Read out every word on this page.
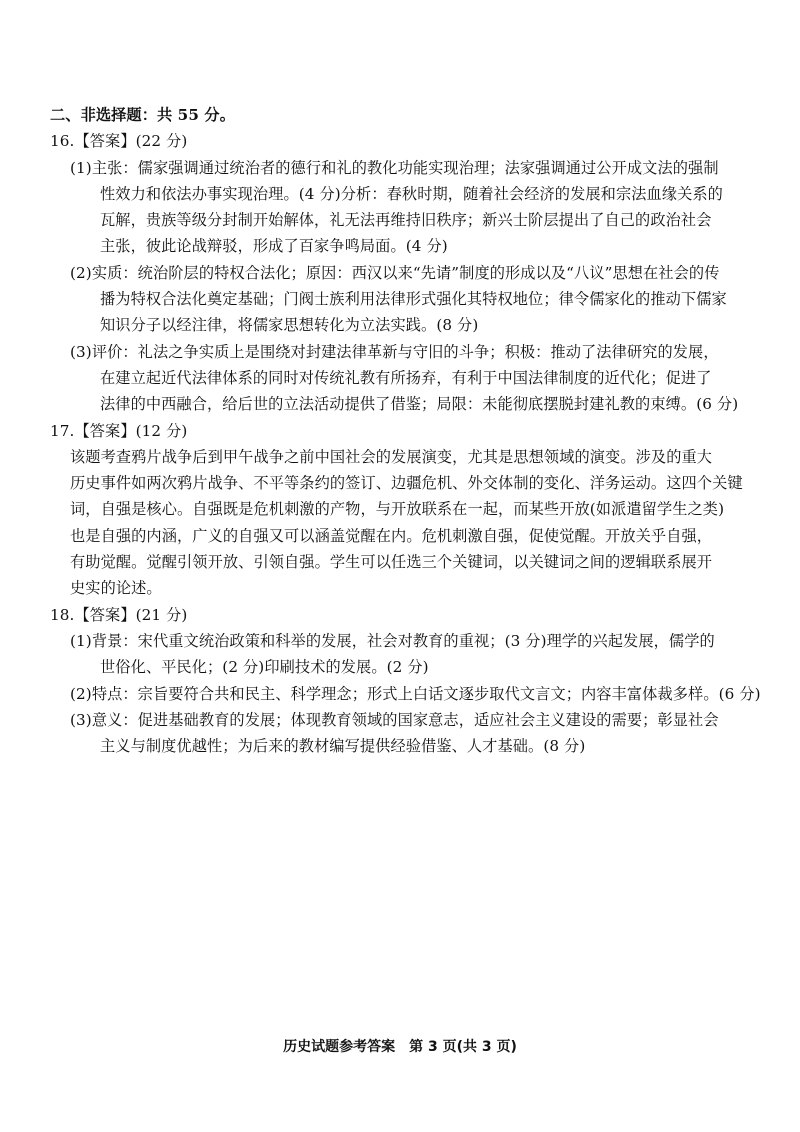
二、非选择题：共 55 分。
16.【答案】(22 分)
(1)主张：儒家强调通过统治者的德行和礼的教化功能实现治理；法家强调通过公开成文法的强制
性效力和依法办事实现治理。(4 分)分析：春秋时期，随着社会经济的发展和宗法血缘关系的
瓦解，贵族等级分封制开始解体，礼无法再维持旧秩序；新兴士阶层提出了自己的政治社会
主张，彼此论战辩驳，形成了百家争鸣局面。(4 分)
(2)实质：统治阶层的特权合法化；原因：西汉以来“先请”制度的形成以及“八议”思想在社会的传
播为特权合法化奠定基础；门阀士族利用法律形式强化其特权地位；律令儒家化的推动下儒家
知识分子以经注律，将儒家思想转化为立法实践。(8 分)
(3)评价：礼法之争实质上是围绕对封建法律革新与守旧的斗争；积极：推动了法律研究的发展，
在建立起近代法律体系的同时对传统礼教有所扬弃，有利于中国法律制度的近代化；促进了
法律的中西融合，给后世的立法活动提供了借鉴；局限：未能彻底摆脱封建礼教的束缚。(6 分)
17.【答案】(12 分)
该题考查鸦片战争后到甲午战争之前中国社会的发展演变，尤其是思想领域的演变。涉及的重大
历史事件如两次鸦片战争、不平等条约的签订、边疆危机、外交体制的变化、洋务运动。这四个关键
词，自强是核心。自强既是危机刺激的产物，与开放联系在一起，而某些开放(如派遣留学生之类)
也是自强的内涵，广义的自强又可以涵盖觉醒在内。危机刺激自强，促使觉醒。开放关乎自强，
有助觉醒。觉醒引领开放、引领自强。学生可以任选三个关键词，以关键词之间的逻辑联系展开
史实的论述。
18.【答案】(21 分)
(1)背景：宋代重文统治政策和科举的发展，社会对教育的重视；(3 分)理学的兴起发展，儒学的
世俗化、平民化；(2 分)印刷技术的发展。(2 分)
(2)特点：宗旨要符合共和民主、科学理念；形式上白话文逐步取代文言文；内容丰富体裁多样。(6 分)
(3)意义：促进基础教育的发展；体现教育领域的国家意志，适应社会主义建设的需要；彰显社会
主义与制度优越性；为后来的教材编写提供经验借鉴、人才基础。(8 分)
历史试题参考答案　第 3 页(共 3 页)
